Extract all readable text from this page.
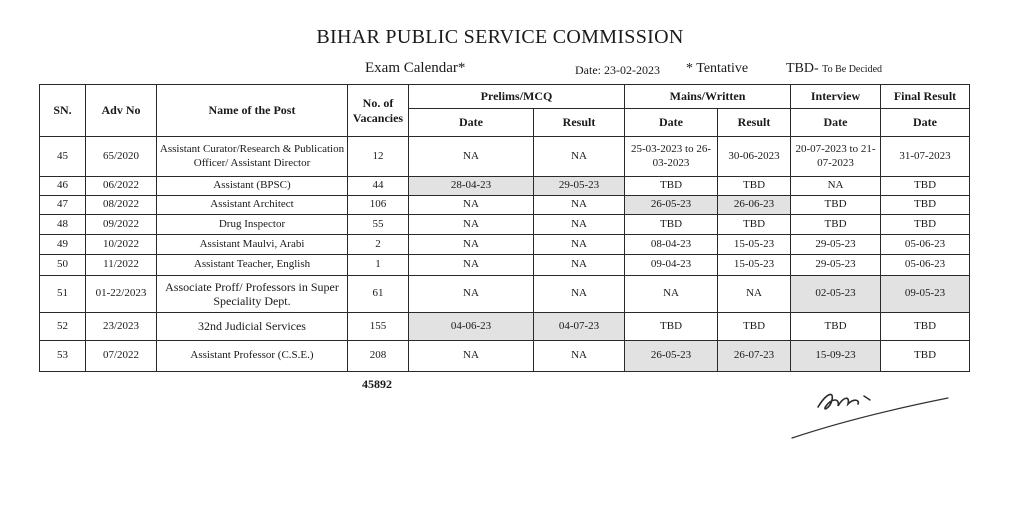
BIHAR PUBLIC SERVICE COMMISSION
Exam Calendar*	Date: 23-02-2023 * Tentative	TBD- To Be Decided
SN.	Adv No	Name of the Post	No. of Vacancies	Prelims/MCQ		Mains/Written		Interview	Final Result
				Date	Result	Date	Result	Date	Date
45	65/2020	Assistant Curator/Research & Publication Officer/ Assistant Director	12	NA	NA	25-03-2023 to 26-03-2023	30-06-2023	20-07-2023 to 21-07-2023	31-07-2023
46	06/2022	Assistant (BPSC)	44	28-04-23	29-05-23	TBD	TBD	NA	TBD
47	08/2022	Assistant Architect	106	NA	NA	26-05-23	26-06-23	TBD	TBD
48	09/2022	Drug Inspector	55	NA	NA	TBD	TBD	TBD	TBD
49	10/2022	Assistant Maulvi, Arabi	2	NA	NA	08-04-23	15-05-23	29-05-23	05-06-23
50	11/2022	Assistant Teacher, English	1	NA	NA	09-04-23	15-05-23	29-05-23	05-06-23
51	01-22/2023	Associate Proff/ Professors in Super Speciality Dept.	61	NA	NA	NA	NA	02-05-23	09-05-23
52	23/2023	32nd Judicial Services	155	04-06-23	04-07-23	TBD	TBD	TBD	TBD
53	07/2022	Assistant Professor (C.S.E.)	208	NA	NA	26-05-23	26-07-23	15-09-23	TBD
45892
